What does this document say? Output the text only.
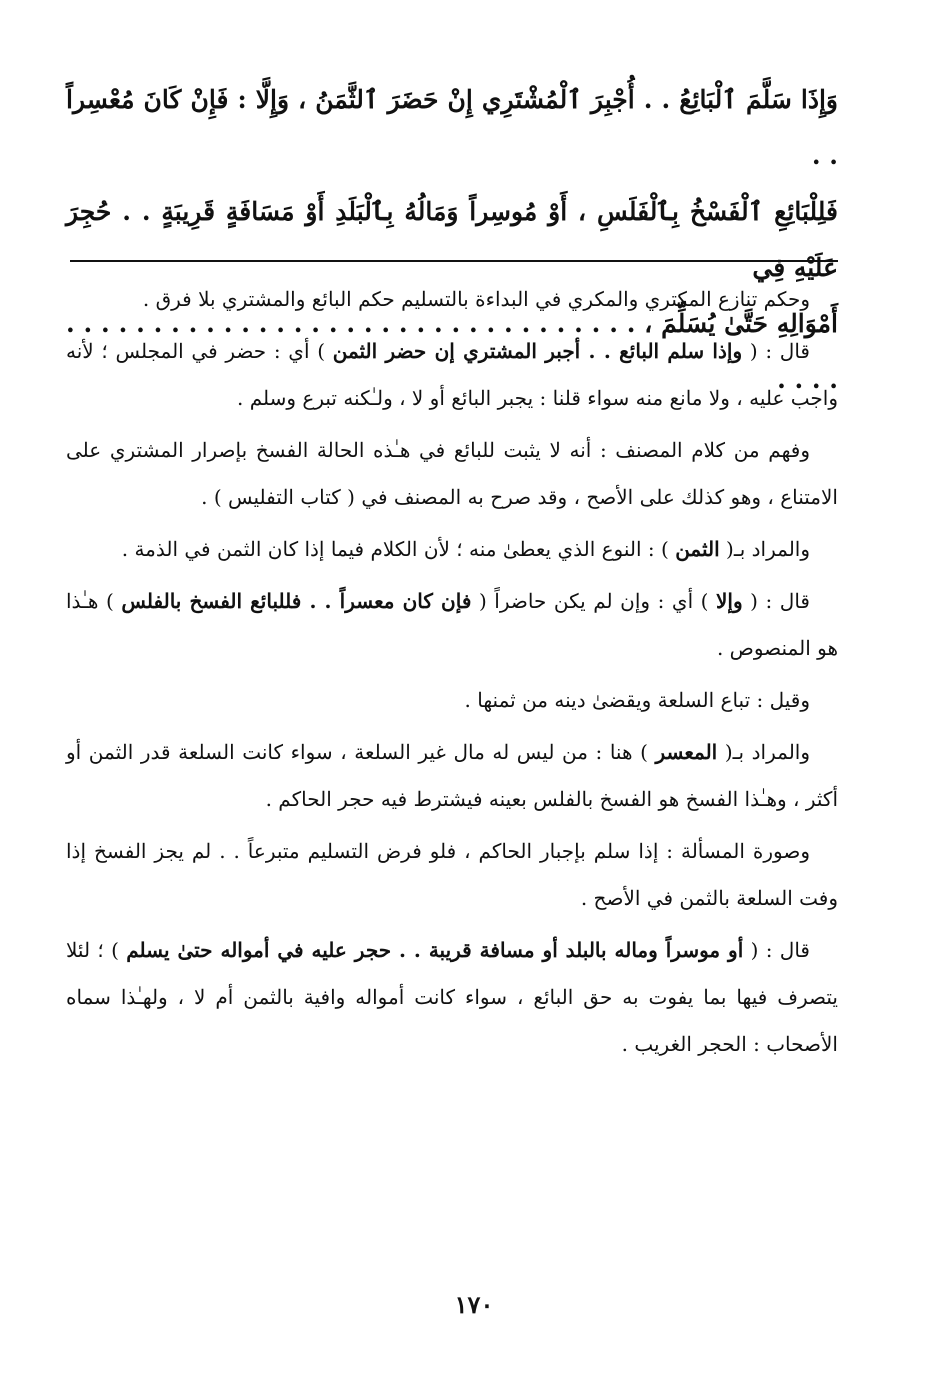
وَإِذَا سَلَّمَ ٱلْبَائِعُ . . أُجْبِرَ ٱلْمُشْتَرِي إِنْ حَضَرَ ٱلثَّمَنُ ، وَإِلَّا : فَإِنْ كَانَ مُعْسِراً . .

فَلِلْبَائِعِ ٱلْفَسْخُ بِٱلْفَلَسِ ، أَوْ مُوسِراً وَمَالُهُ بِٱلْبَلَدِ أَوْ مَسَافَةٍ قَرِيبَةٍ . . حُجِرَ عَلَيْهِ فِي

أَمْوَالِهِ حَتَّىٰ يُسَلِّمَ ، . . . . . . . . . . . . . . . . . . . . . . . . . . . . . . . . . . . . .

وحكم تنازع المكتري والمكري في البداءة بالتسليم حكم البائع والمشتري بلا فرق .

قال : ( وإذا سلم البائع . . أجبر المشتري إن حضر الثمن ) أي : حضر في المجلس ؛ لأنه واجب عليه ، ولا مانع منه سواء قلنا : يجبر البائع أو لا ، ولـٰكنه تبرع وسلم .

وفهم من كلام المصنف : أنه لا يثبت للبائع في هـٰذه الحالة الفسخ بإصرار المشتري على الامتناع ، وهو كذلك على الأصح ، وقد صرح به المصنف في ( كتاب التفليس ) .

والمراد بـ( الثمن ) : النوع الذي يعطىٰ منه ؛ لأن الكلام فيما إذا كان الثمن في الذمة .

قال : ( وإلا ) أي : وإن لم يكن حاضراً ( فإن كان معسراً . . فللبائع الفسخ بالفلس ) هـٰذا هو المنصوص .

وقيل : تباع السلعة ويقضىٰ دينه من ثمنها .

والمراد بـ( المعسر ) هنا : من ليس له مال غير السلعة ، سواء كانت السلعة قدر الثمن أو أكثر ، وهـٰذا الفسخ هو الفسخ بالفلس بعينه فيشترط فيه حجر الحاكم .

وصورة المسألة : إذا سلم بإجبار الحاكم ، فلو فرض التسليم متبرعاً . . لم يجز الفسخ إذا وفت السلعة بالثمن في الأصح .

قال : ( أو موسراً وماله بالبلد أو مسافة قريبة . . حجر عليه في أمواله حتىٰ يسلم ) ؛ لئلا يتصرف فيها بما يفوت به حق البائع ، سواء كانت أمواله وافية بالثمن أم لا ، ولهـٰذا سماه الأصحاب : الحجر الغريب .

١٧٠
